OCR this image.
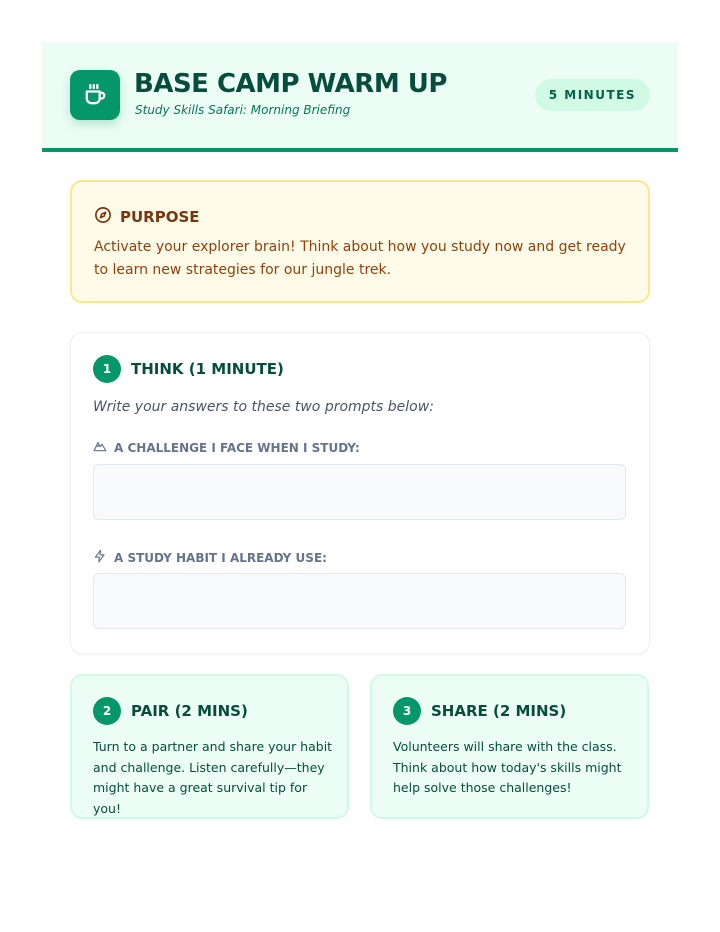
BASE CAMP WARM UP
Study Skills Safari: Morning Briefing
5 MINUTES
PURPOSE

Activate your explorer brain! Think about how you study now and get ready to learn new strategies for our jungle trek.

1	THINK (1 MINUTE)

Write your answers to these two prompts below:

A CHALLENGE I FACE WHEN I STUDY:
A STUDY HABIT I ALREADY USE:
2	PAIR (2 MINS)

Turn to a partner and share your habit and challenge. Listen carefully—they might have a great survival tip for you!

3	SHARE (2 MINS)

Volunteers will share with the class. Think about how today's skills might help solve those challenges!
